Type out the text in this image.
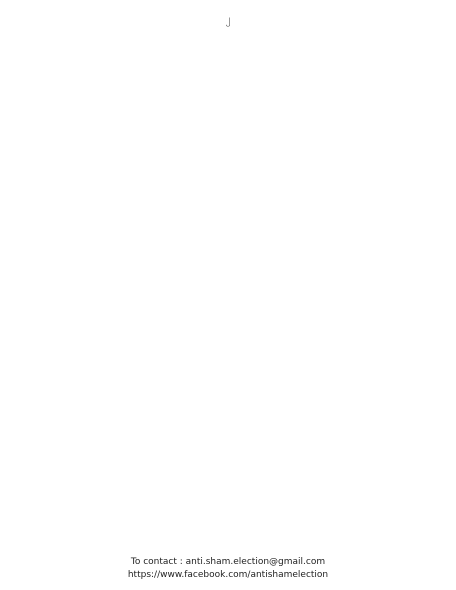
၂

To contact : anti.sham.election@gmail.com
https://www.facebook.com/antishamelection
